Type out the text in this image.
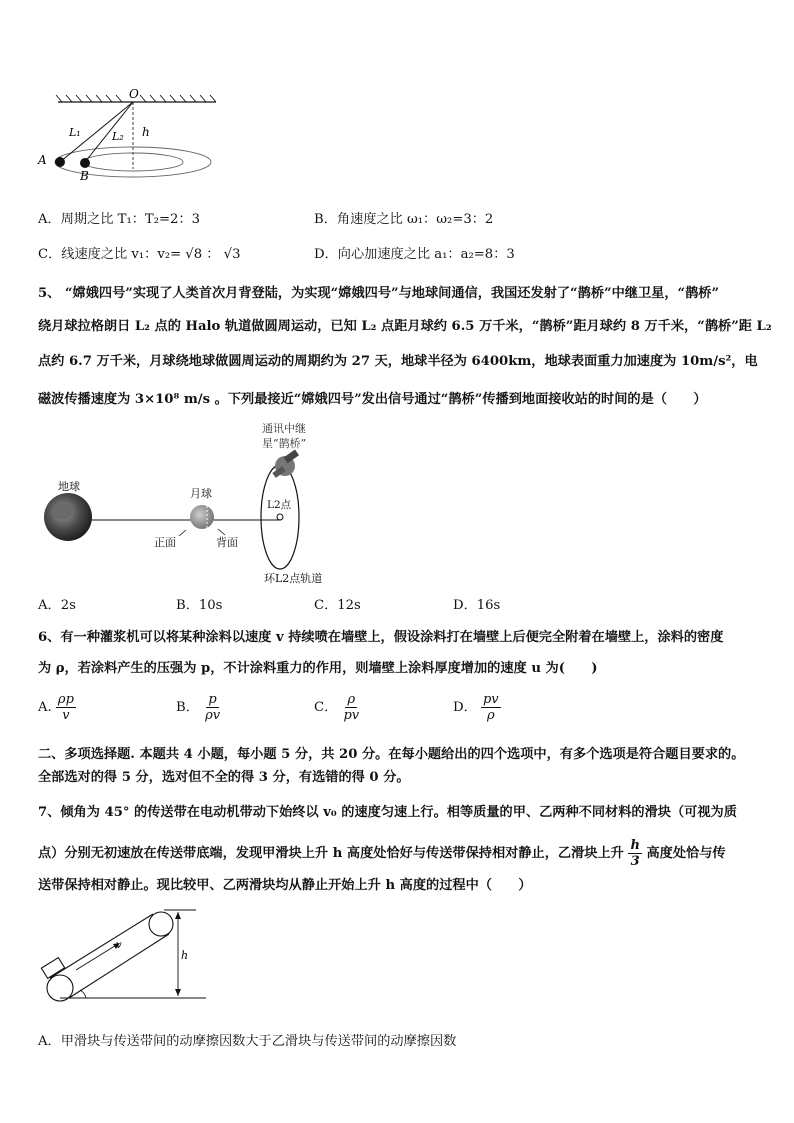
O
L₁	L₂ h
A
B
A．周期之比 T₁：T₂=2：3	B．角速度之比 ω₁：ω₂=3：2
C．线速度之比 v₁：v₂= √8 ： √3	D．向心加速度之比 a₁：a₂=8：3
5、 “嫦娥四号”实现了人类首次月背登陆，为实现“嫦娥四号”与地球间通信，我国还发射了“鹊桥”中继卫星，“鹊桥”
绕月球拉格朗日 L₂ 点的 Halo 轨道做圆周运动，已知 L₂ 点距月球约 6.5 万千米，“鹊桥”距月球约 8 万千米，“鹊桥”距 L₂
点约 6.7 万千米，月球绕地球做圆周运动的周期约为 27 天，地球半径为 6400km，地球表面重力加速度为 10m/s²，电
磁波传播速度为 3×10⁸ m/s 。下列最接近“嫦娥四号”发出信号通过“鹊桥”传播到地面接收站的时间的是（　　）
通讯中继
星“鹊桥”
地球
月球
正面	背面
L2点
环L2点轨道
A．2s	B．10s	C．12s	D．16s
6、有一种灌浆机可以将某种涂料以速度 v 持续喷在墙壁上，假设涂料打在墙壁上后便完全附着在墙壁上，涂料的密度
为 ρ，若涂料产生的压强为 p，不计涂料重力的作用，则墙壁上涂料厚度增加的速度 u 为(　　)
A. $\frac{\rho p}{v}$	B． $\frac{p}{\rho v}$	C． $\frac{\rho}{pv}$	D． $\frac{pv}{\rho}$
二、多项选择题. 本题共 4 小题，每小题 5 分，共 20 分。在每小题给出的四个选项中，有多个选项是符合题目要求的。
全部选对的得 5 分，选对但不全的得 3 分，有选错的得 0 分。
7、倾角为 45° 的传送带在电动机带动下始终以 v₀ 的速度匀速上行。相等质量的甲、乙两种不同材料的滑块（可视为质
点）分别无初速放在传送带底端，发现甲滑块上升 h 高度处恰好与传送带保持相对静止，乙滑块上升 $\frac{h}{3}$ 高度处恰与传
送带保持相对静止。现比较甲、乙两滑块均从静止开始上升 h 高度的过程中（　　）
v
h
A．甲滑块与传送带间的动摩擦因数大于乙滑块与传送带间的动摩擦因数
